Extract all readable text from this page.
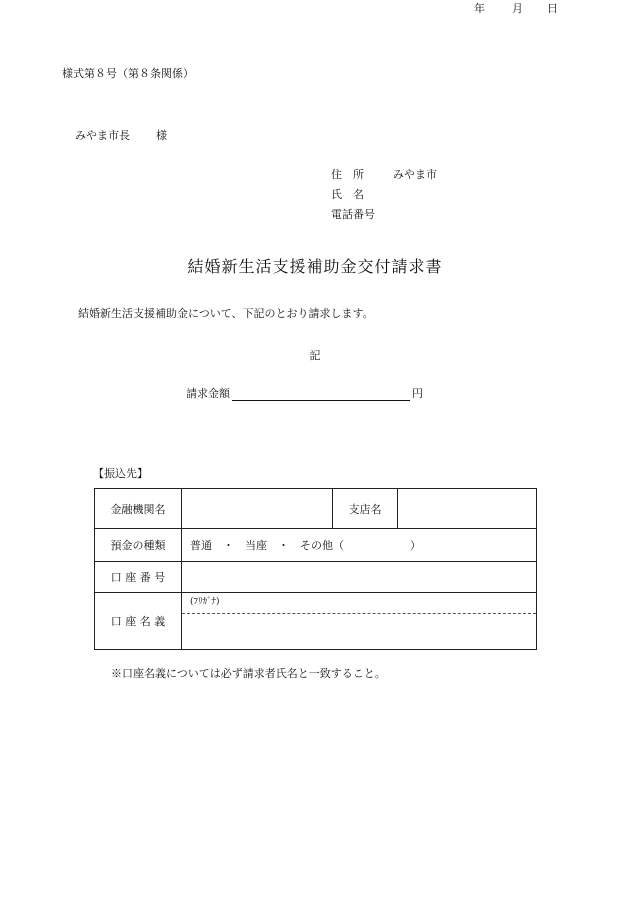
様式第８号（第８条関係）
年 月 日
みやま市長 様
住　所	みやま市
氏　名
電話番号
結婚新生活支援補助金交付請求書
結婚新生活支援補助金について、下記のとおり請求します。
記
請求金額	円
【振込先】
金融機関名		支店名	
預金の種類	普通　・　当座　・　その他（　　　　　　）		
口 座 番 号			
口 座 名 義	(ﾌﾘｶﾞﾅ)		
※口座名義については必ず請求者氏名と一致すること。
